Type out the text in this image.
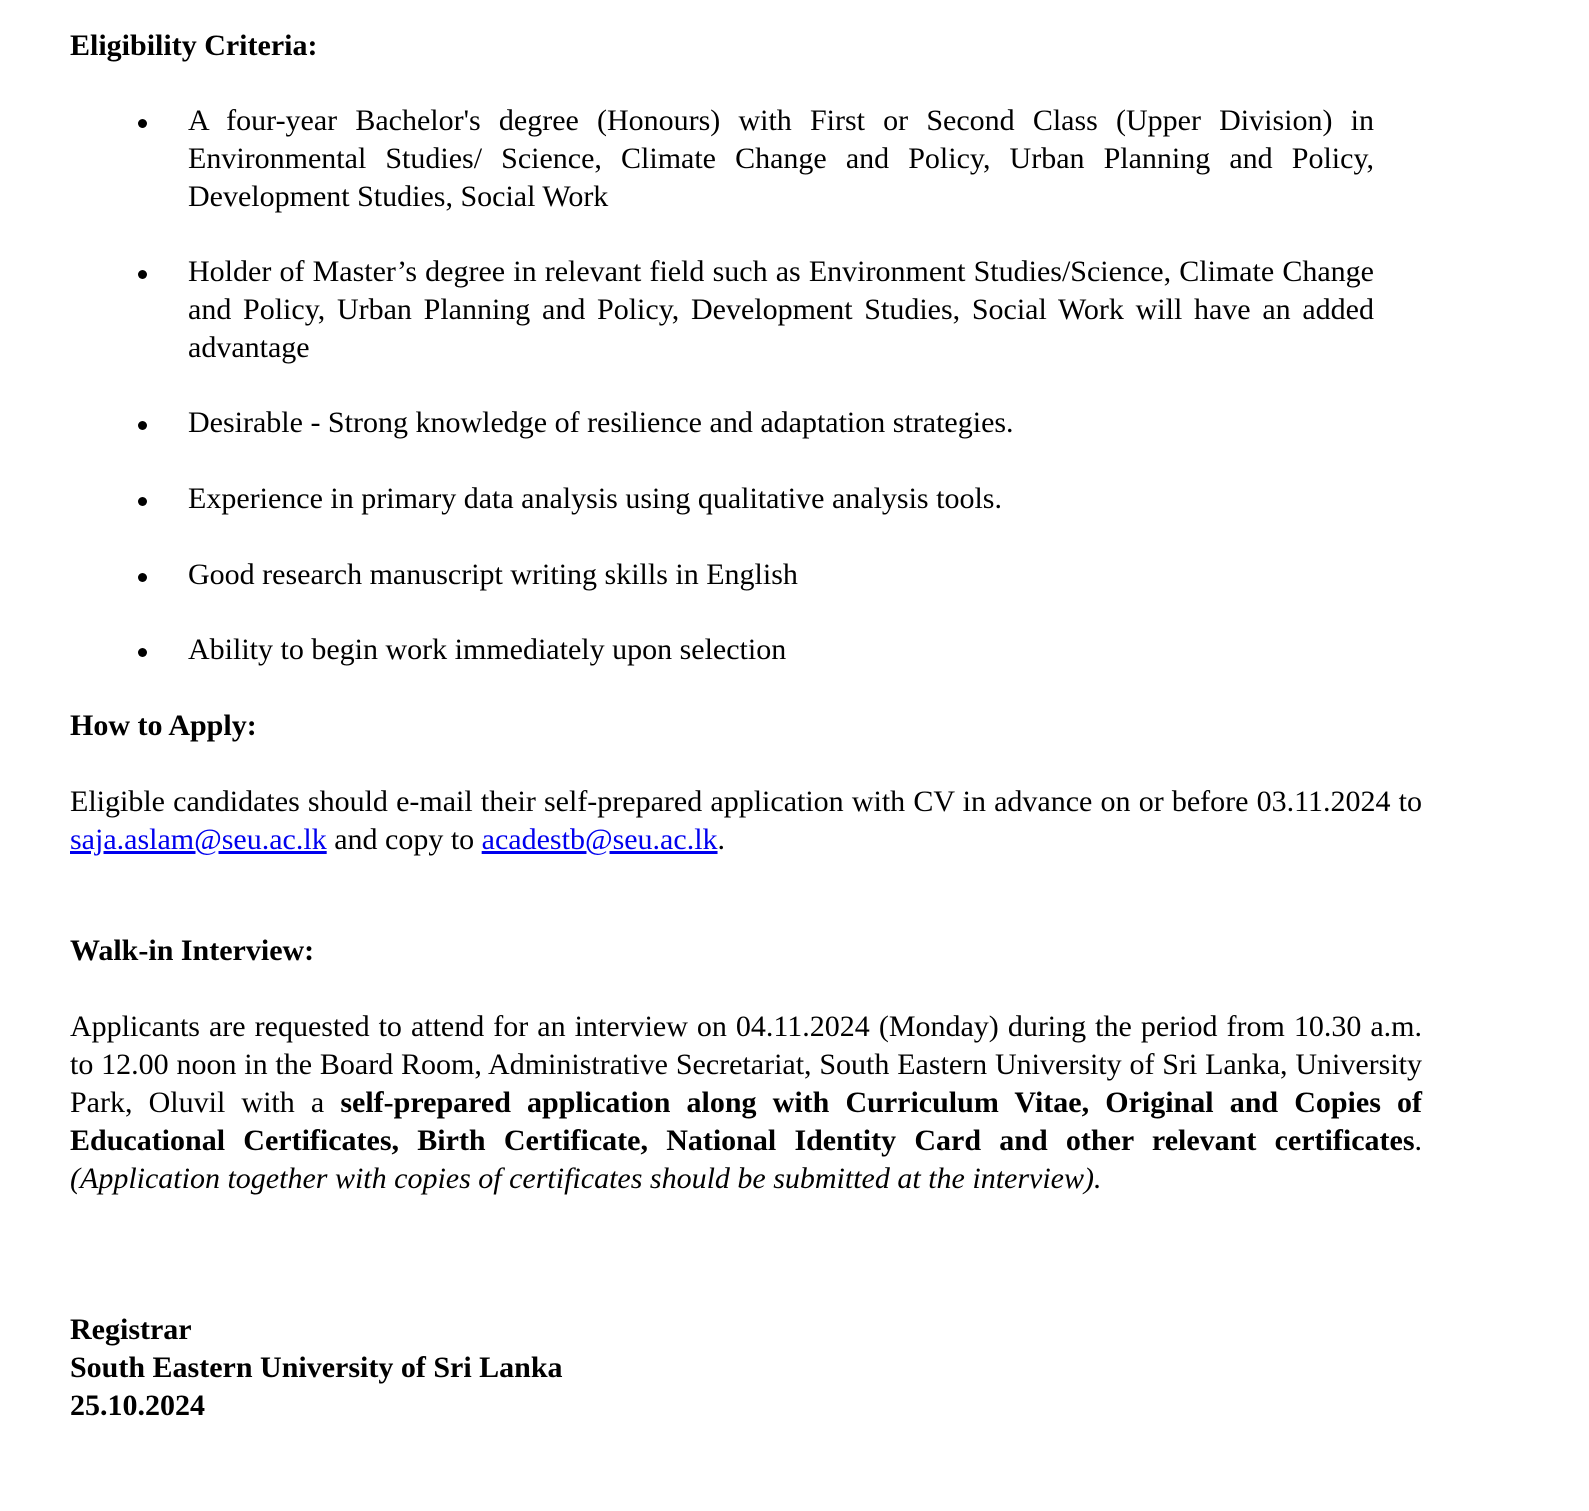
Eligibility Criteria:
A four-year Bachelor's degree (Honours) with First or Second Class (Upper Division) in Environmental Studies/ Science, Climate Change and Policy, Urban Planning and Policy, Development Studies, Social Work
Holder of Master’s degree in relevant field such as Environment Studies/Science, Climate Change and Policy, Urban Planning and Policy, Development Studies, Social Work will have an added advantage
Desirable - Strong knowledge of resilience and adaptation strategies.
Experience in primary data analysis using qualitative analysis tools.
Good research manuscript writing skills in English
Ability to begin work immediately upon selection
How to Apply:
Eligible candidates should e-mail their self-prepared application with CV in advance on or before 03.11.2024 to saja.aslam@seu.ac.lk and copy to acadestb@seu.ac.lk.
Walk-in Interview:
Applicants are requested to attend for an interview on 04.11.2024 (Monday) during the period from 10.30 a.m. to 12.00 noon in the Board Room, Administrative Secretariat, South Eastern University of Sri Lanka, University Park, Oluvil with a self-prepared application along with Curriculum Vitae, Original and Copies of Educational Certificates, Birth Certificate, National Identity Card and other relevant certificates. (Application together with copies of certificates should be submitted at the interview).
Registrar
South Eastern University of Sri Lanka
25.10.2024
